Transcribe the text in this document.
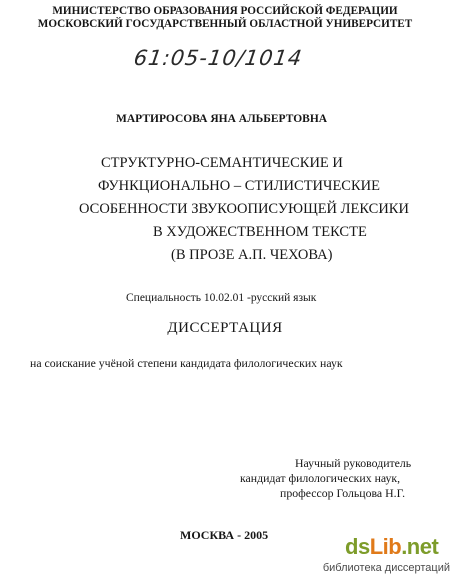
МИНИСТЕРСТВО ОБРАЗОВАНИЯ РОССИЙСКОЙ ФЕДЕРАЦИИ
МОСКОВСКИЙ ГОСУДАРСТВЕННЫЙ ОБЛАСТНОЙ УНИВЕРСИТЕТ
61:05-10/1014
МАРТИРОСОВА ЯНА АЛЬБЕРТОВНА
СТРУКТУРНО-СЕМАНТИЧЕСКИЕ И
ФУНКЦИОНАЛЬНО – СТИЛИСТИЧЕСКИЕ
ОСОБЕННОСТИ ЗВУКООПИСУЮЩЕЙ ЛЕКСИКИ
В ХУДОЖЕСТВЕННОМ ТЕКСТЕ
(В ПРОЗЕ А.П. ЧЕХОВА)
Специальность 10.02.01 -русский язык
ДИССЕРТАЦИЯ
на соискание учёной степени кандидата филологических наук
Научный руководитель
кандидат филологических наук,
профессор Гольцова Н.Г.
МОСКВА - 2005	dsLib.net
библиотека диссертаций
